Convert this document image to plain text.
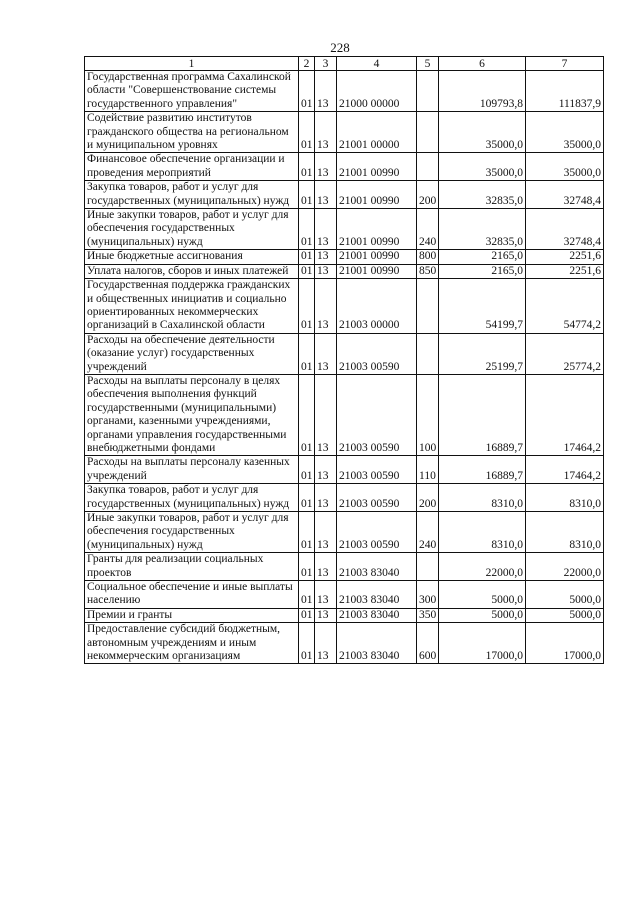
228
1	2	3	4	5	6	7
Государственная программа Сахалинской области "Совершенствование системы государственного управления"	01	13	21000 00000		109793,8	111837,9
Содействие развитию институтов гражданского общества на региональном и муниципальном уровнях	01	13	21001 00000		35000,0	35000,0
Финансовое обеспечение организации и проведения мероприятий	01	13	21001 00990		35000,0	35000,0
Закупка товаров, работ и услуг для государственных (муниципальных) нужд	01	13	21001 00990	200	32835,0	32748,4
Иные закупки товаров, работ и услуг для обеспечения государственных (муниципальных) нужд	01	13	21001 00990	240	32835,0	32748,4
Иные бюджетные ассигнования	01	13	21001 00990	800	2165,0	2251,6
Уплата налогов, сборов и иных платежей	01	13	21001 00990	850	2165,0	2251,6
Государственная поддержка гражданских и общественных инициатив и социально ориентированных некоммерческих организаций в Сахалинской области	01	13	21003 00000		54199,7	54774,2
Расходы на обеспечение деятельности (оказание услуг) государственных учреждений	01	13	21003 00590		25199,7	25774,2
Расходы на выплаты персоналу в целях обеспечения выполнения функций государственными (муниципальными) органами, казенными учреждениями, органами управления государственными внебюджетными фондами	01	13	21003 00590	100	16889,7	17464,2
Расходы на выплаты персоналу казенных учреждений	01	13	21003 00590	110	16889,7	17464,2
Закупка товаров, работ и услуг для государственных (муниципальных) нужд	01	13	21003 00590	200	8310,0	8310,0
Иные закупки товаров, работ и услуг для обеспечения государственных (муниципальных) нужд	01	13	21003 00590	240	8310,0	8310,0
Гранты для реализации социальных проектов	01	13	21003 83040		22000,0	22000,0
Социальное обеспечение и иные выплаты населению	01	13	21003 83040	300	5000,0	5000,0
Премии и гранты	01	13	21003 83040	350	5000,0	5000,0
Предоставление субсидий бюджетным, автономным учреждениям и иным некоммерческим организациям	01	13	21003 83040	600	17000,0	17000,0
